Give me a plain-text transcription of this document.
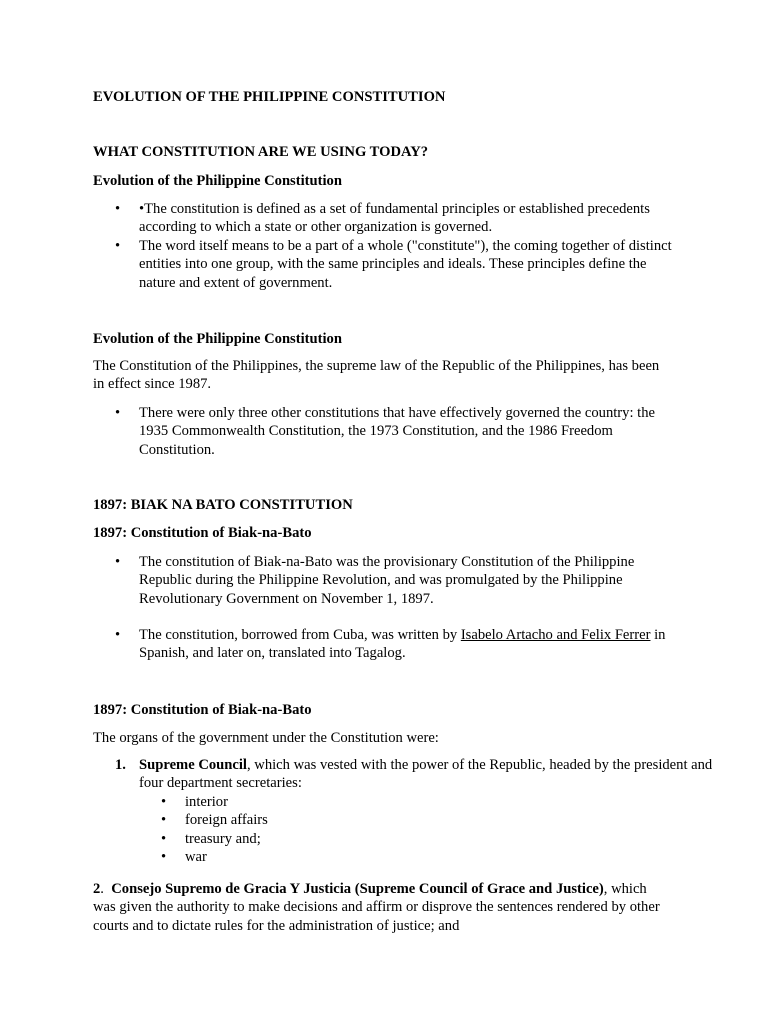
EVOLUTION OF THE PHILIPPINE CONSTITUTION

WHAT CONSTITUTION ARE WE USING TODAY?

Evolution of the Philippine Constitution

• •The constitution is defined as a set of fundamental principles or established precedents according to which a state or other organization is governed.
• The word itself means to be a part of a whole ("constitute"), the coming together of distinct entities into one group, with the same principles and ideals. These principles define the nature and extent of government.

Evolution of the Philippine Constitution

The Constitution of the Philippines, the supreme law of the Republic of the Philippines, has been in effect since 1987.

• There were only three other constitutions that have effectively governed the country: the 1935 Commonwealth Constitution, the 1973 Constitution, and the 1986 Freedom Constitution.

1897: BIAK NA BATO CONSTITUTION

1897: Constitution of Biak-na-Bato

• The constitution of Biak-na-Bato was the provisionary Constitution of the Philippine Republic during the Philippine Revolution, and was promulgated by the Philippine Revolutionary Government on November 1, 1897.
• The constitution, borrowed from Cuba, was written by Isabelo Artacho and Felix Ferrer in Spanish, and later on, translated into Tagalog.

1897: Constitution of Biak-na-Bato

The organs of the government under the Constitution were:

1. Supreme Council, which was vested with the power of the Republic, headed by the president and four department secretaries:
• interior
• foreign affairs
• treasury and;
• war

2.  Consejo Supremo de Gracia Y Justicia (Supreme Council of Grace and Justice), which was given the authority to make decisions and affirm or disprove the sentences rendered by other courts and to dictate rules for the administration of justice; and
